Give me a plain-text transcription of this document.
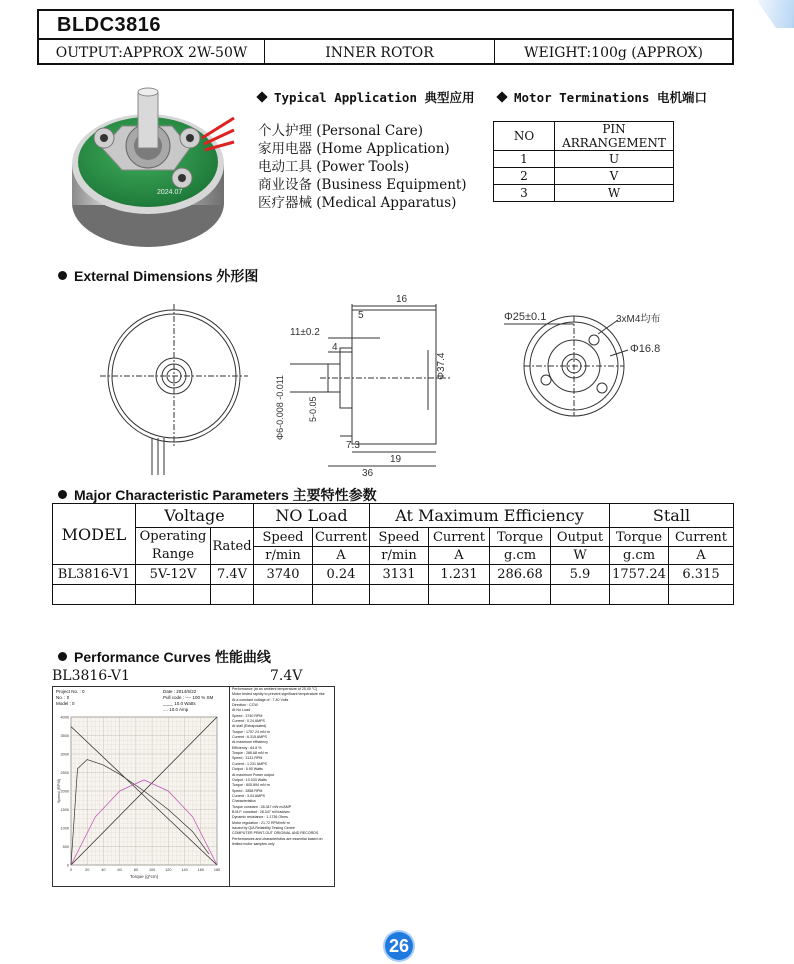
BLDC3816
OUTPUT:APPROX 2W-50W	INNER ROTOR	WEIGHT:100g (APPROX)
2024.07
Typical Application 典型应用	Motor Terminations 电机端口
个人护理 (Personal Care)
家用电器 (Home Application)
电动工具 (Power Tools)
商业设备 (Business Equipment)
医疗器械 (Medical Apparatus)
NO	PIN ARRANGEMENT
1	U
2	V
3	W
External Dimensions 外形图
16
5
11±0.2
4
Φ37.4
Φ6-0.008 -0.011	5-0.05
7.3
19
36
Φ25±0.1	3xM4均布
Φ16.8
Major Characteristic Parameters 主要特性参数
MODEL	Voltage		NO Load		At Maximum Efficiency				Stall	
	Operating
Range	Rated	Speed	Current	Speed	Current	Torque	Output	Torque	Current
			r/min	A	r/min	A	g.cm	W	g.cm	A
BL3816-V1	5V-12V	7.4V	3740	0.24	3131	1.231	286.68	5.9	1757.24	6.315

Performance Curves 性能曲线
BL3816-V1	7.4V
Project No. : 0
No. : 0
Model : 0
Date : 2014/6/22
Pull code : ---- 100 % SM
____ 10.0 Watts
.... 10.0 Amp
4000
3500
3000
2500
2000
1500
1000
500
0
0	20	40	60	80	100	120	140	160	180
Torque (g*cm)
Speed (RPM)
Performance (at an ambient temperature of 25.00 °C)
Motor tested rapidly to prevent significant temperature rise
At a constant voltage of : 7.40 Volts
Direction : CCW
At No Load
Speed : 3740 RPM
Current : 0.24 AMPS
At stall (Extrapolated)
Torque : 1757.24 mN·m
Current : 6.315 AMPS
At maximum efficiency
Efficiency : 64.8 %
Torque : 286.68 mN·m
Speed : 3131 RPM
Current : 1.231 AMPS
Output : 5.90 Watts
At maximum Power output
Output : 10.033 Watts
Torque : 805.894 mN·m
Speed : 2858 RPM
Current : 3.04 AMPS
Characteristics
Torque constant : 28.347 mN·m/AMP
B.M.F. constant : 28.347 mV/rad/sec
Dynamic resistance : 1.1736 Ohms
Motor regulation : 21.72 RPM/mN·m
Issued by Q/A Reliability Testing Centre
COMPUTER PRINT-OUT ORIGINAL AND RECORDS
Performances and characteristics are essential based on limited motor samples only
26
